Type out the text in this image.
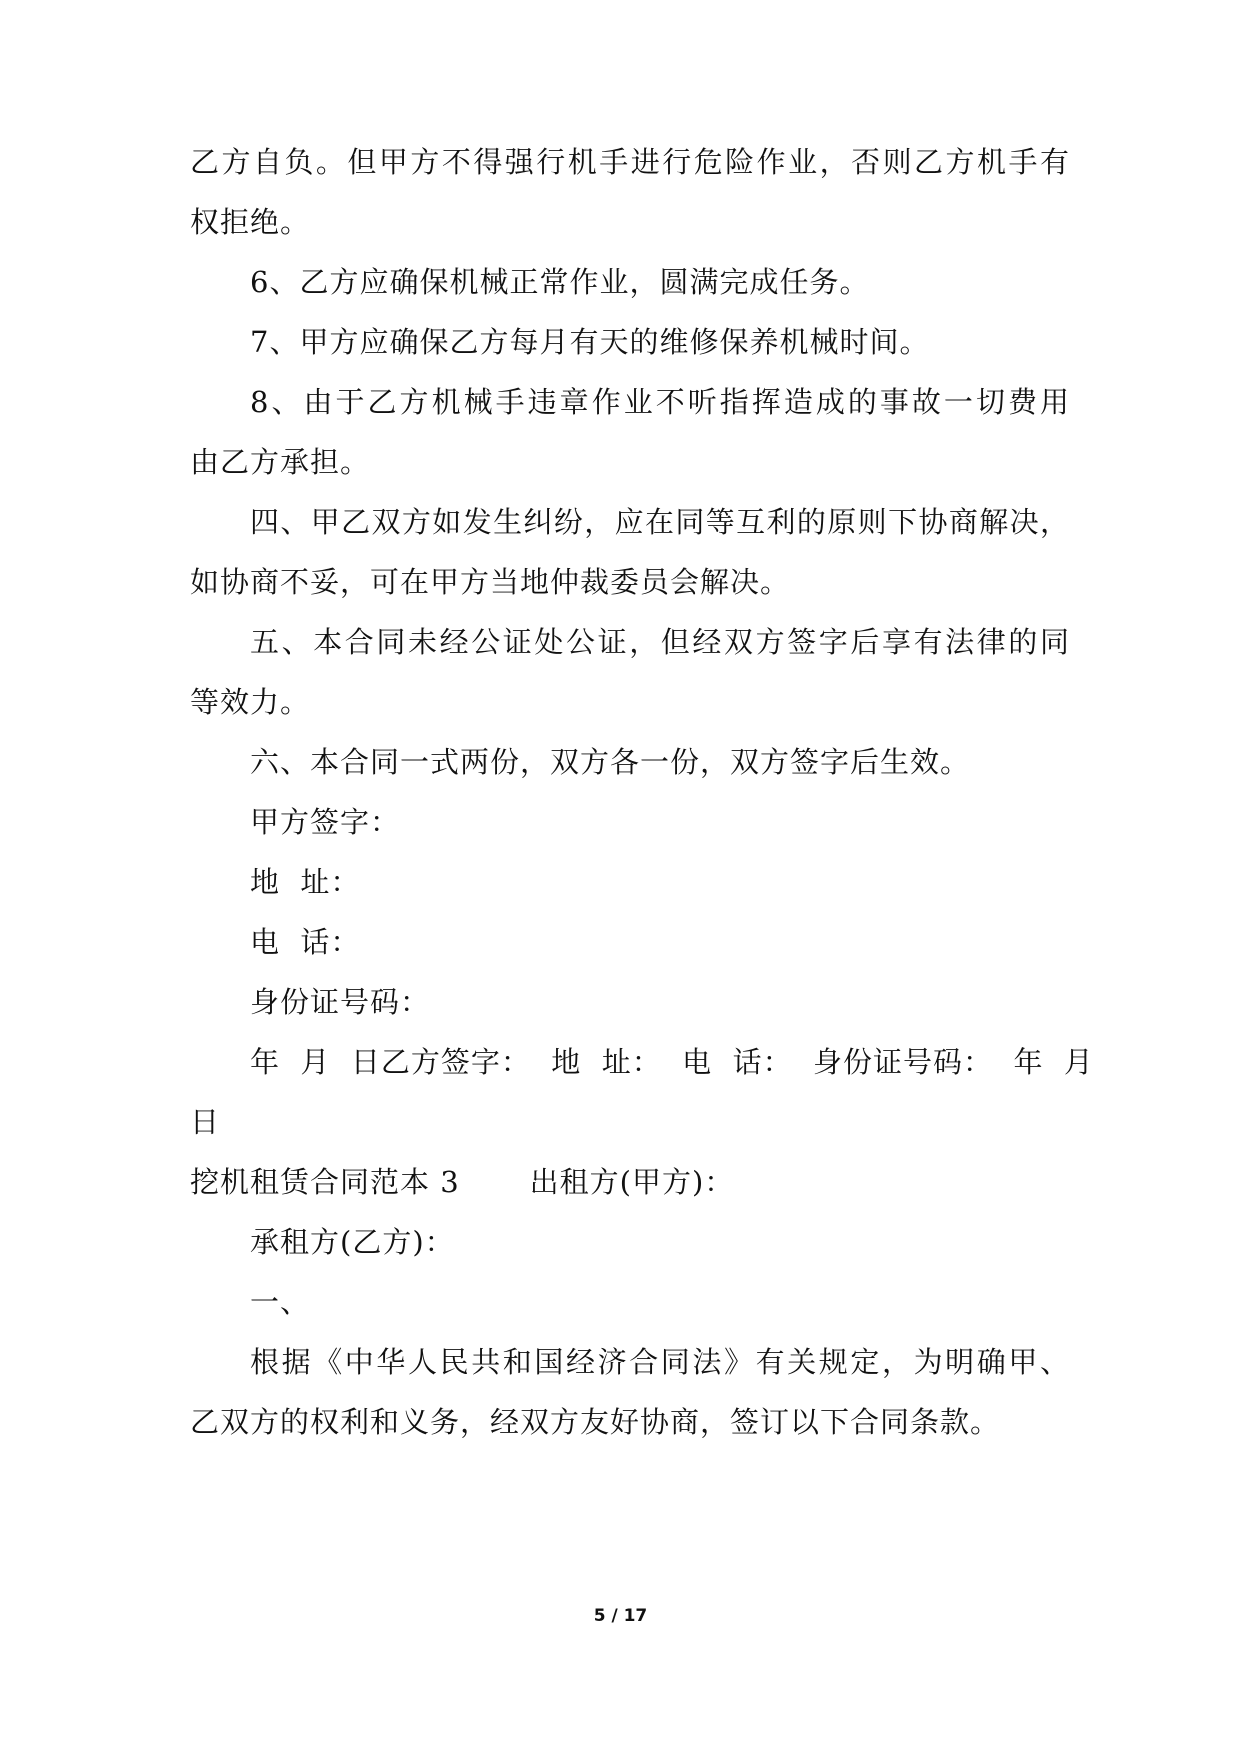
乙方自负。但甲方不得强行机手进行危险作业，否则乙方机手有
权拒绝。
6、乙方应确保机械正常作业，圆满完成任务。
7、甲方应确保乙方每月有天的维修保养机械时间。
8、由于乙方机械手违章作业不听指挥造成的事故一切费用
由乙方承担。
四、甲乙双方如发生纠纷，应在同等互利的原则下协商解决，
如协商不妥，可在甲方当地仲裁委员会解决。
五、本合同未经公证处公证，但经双方签字后享有法律的同
等效力。
六、本合同一式两份，双方各一份，双方签字后生效。
甲方签字：
地  址：
电  话：
身份证号码：
年  月  日乙方签字：  地  址：  电  话：  身份证号码：  年  月
日
挖机租赁合同范本 3 出租方(甲方)：
承租方(乙方)：
一、
根据《中华人民共和国经济合同法》有关规定，为明确甲、
乙双方的权利和义务，经双方友好协商，签订以下合同条款。
5 / 17
